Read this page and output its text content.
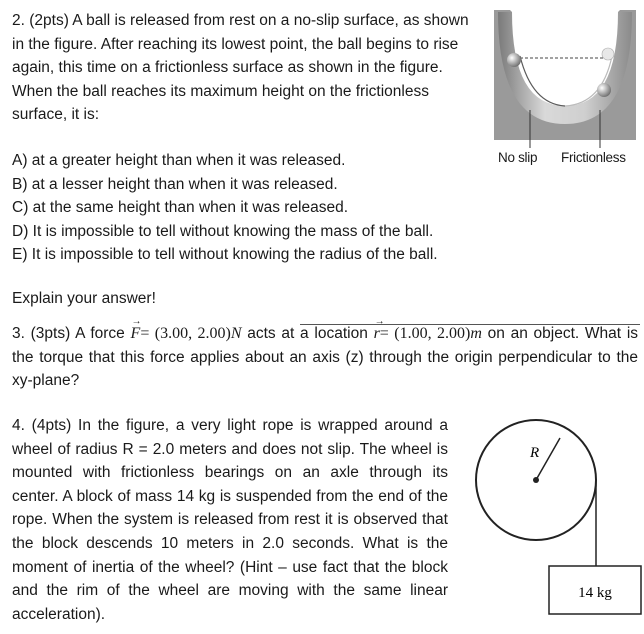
2. (2pts) A ball is released from rest on a no-slip surface, as shown in the figure. After reaching its lowest point, the ball begins to rise again, this time on a frictionless surface as shown in the figure. When the ball reaches its maximum height on the frictionless surface, it is:

No slip Frictionless
A) at a greater height than when it was released.
B) at a lesser height than when it was released.
C) at the same height than when it was released.
D) It is impossible to tell without knowing the mass of the ball.
E) It is impossible to tell without knowing the radius of the ball.

Explain your answer!

3. (3pts) A force → F= (3.00, 2.00)N acts at a location → r= (1.00, 2.00)m on an object. What is the torque that this force applies about an axis (z) through the origin perpendicular to the xy-plane?

4. (4pts) In the figure, a very light rope is wrapped around a wheel of radius R = 2.0 meters and does not slip. The wheel is mounted with frictionless bearings on an axle through its center. A block of mass 14 kg is suspended from the end of the rope. When the system is released from rest it is observed that the block descends 10 meters in 2.0 seconds. What is the moment of inertia of the wheel? (Hint – use fact that the block and the rim of the wheel are moving with the same linear acceleration).

R
14 kg
